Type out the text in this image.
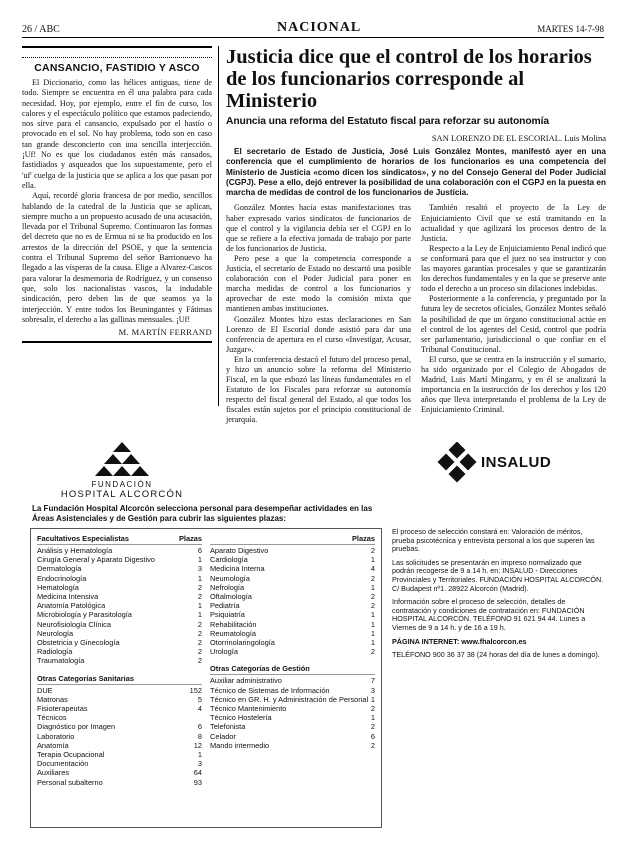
26 / ABC	NACIONAL	MARTES 14-7-98
CANSANCIO, FASTIDIO Y ASCO

El Diccionario, como las hélices antiguas, tiene de todo. Siempre se encuentra en él una palabra para cada necesidad. Hoy, por ejemplo, entre el fin de curso, los calores y el espectáculo político que estamos padeciendo, nos sirve para el cansancio, expulsado por el hastío o provocado en el sol. No hay problema, todo son en caso tan grande desconcierto con una sencilla interjección. ¡Uf! No es que los ciudadanos estén más cansados, fastidiados y asqueados que los supuestamente, pero el 'uf' cuelga de la justicia que se aplica a los que pasan por ella.

Aquí, recordé gloria francesa de por medio, sencillos hablando de la catedral de la Justicia que se aplican, siempre mucho a un propuesto acusado de una acusación, llevada por el Tribunal Supremo. Continuaron las formas del decreto que no es de Ermua ni se ha producido en los arrestos de la dirección del PSOE, y que la sentencia contra el Tribunal Supremo del señor Barrionuevo ha llegado a las vísperas de la causa. Elige a Alvarez-Cascos para valorar la desmemoria de Rodríguez, y un consenso que, solo los nacionalistas vascos, la indudable sindicación, pero deben las de que seamos ya la interjección. Y entre todos los Beuningantes y Fátimas sobresalir, el derecho a las gallinas mensuales. ¡Uf!

M. MARTÍN FERRAND
Justicia dice que el control de los horarios de los funcionarios corresponde al Ministerio
Anuncia una reforma del Estatuto fiscal para reforzar su autonomía
SAN LORENZO DE EL ESCORIAL. Luis Molina
El secretario de Estado de Justicia, José Luis González Montes, manifestó ayer en una conferencia que el cumplimiento de horarios de los funcionarios es una competencia del Ministerio de Justicia «como dicen los sindicatos», y no del Consejo General del Poder Judicial (CGPJ). Pese a ello, dejó entrever la posibilidad de una colaboración con el CGPJ en la puesta en marcha de medidas de control de los funcionarios de Justicia.

González Montes hacía estas manifestaciones tras haber expresado varios sindicatos de funcionarios de que el control y la vigilancia debía ser el CGPJ en lo que se refiere a la efectiva jornada de trabajo por parte de los funcionarios de Justicia.

Pero pese a que la competencia corresponde a Justicia, el secretario de Estado no descartó una posible colaboración con el Poder Judicial para poner en marcha medidas de control a los funcionarios y aprovechar de este modo la comisión mixta que mantienen ambas instituciones.

González Montes hizo estas declaraciones en San Lorenzo de El Escorial donde asistió para dar una conferencia de apertura en el curso «Investigar, Acusar, Juzgar».

En la conferencia destacó el futuro del proceso penal, y hizo un anuncio sobre la reforma del Ministerio Fiscal, en la que esbozó las líneas fundamentales en el Estatuto de los Fiscales para reforzar su autonomía respecto del fiscal general del Estado, al que todos los fiscales están sujetos por el principio constitucional de jerarquía.

También resaltó el proyecto de la Ley de Enjuiciamiento Civil que se está tramitando en la actualidad y que agilizará los procesos dentro de la Justicia.

Respecto a la Ley de Enjuiciamiento Penal indicó que se conformará para que el juez no sea instructor y con las mayores garantías procesales y que se garantizarán los derechos fundamentales y en la que se preserve ante todo el derecho a un proceso sin dilaciones indebidas.

Posteriormente a la conferencia, y preguntado por la futura ley de secretos oficiales, González Montes señaló la posibilidad de que un órgano constitucional actúe en el control de los agentes del Cesid, control que podría ser parlamentario, jurisdiccional o que confiar en el Tribunal Constitucional.

El curso, que se centra en la instrucción y el sumario, ha sido organizado por el Colegio de Abogados de Madrid, Luis Martí Mingarro, y en él se analizará la importancia en la instrucción de los derechos y los 120 años que lleva interpretando el problema de la Ley de Enjuiciamiento Criminal.

FUNDACIÓN
HOSPITAL ALCORCÓN
INSALUD
La Fundación Hospital Alcorcón selecciona personal para desempeñar actividades en las Áreas Asistenciales y de Gestión para cubrir las siguientes plazas:
Facultativos Especialistas	Plazas
Análisis y Hematología	6
Cirugía General y Aparato Digestivo	1
Dermatología	3
Endocrinología	1
Hematología	2
Medicina Intensiva	2
Anatomía Patológica	1
Microbiología y Parasitología	1
Neurofisiología Clínica	2
Neurología	2
Obstetricia y Ginecología	2
Radiología	2
Traumatología	2
Otras Categorías Sanitarias
DUE	152
Matronas	5
Fisioterapeutas	4
Técnicos
Diagnóstico por Imagen	6
Laboratorio	8
Anatomía	12
Terapia Ocupacional	1
Documentación	3
Auxiliares	64
Personal subalterno	93
Plazas
Aparato Digestivo	2
Cardiología	1
Medicina Interna	4
Neumología	2
Nefrología	1
Oftalmología	2
Pediatría	2
Psiquiatría	1
Rehabilitación	1
Reumatología	1
Otorrinolaringología	1
Urología	2
Otras Categorías de Gestión
Auxiliar administrativo	7
Técnico de Sistemas de Información	3
Técnico en GR. H. y Administración de Personal 1
Técnico Mantenimiento	2
Técnico Hostelería	1
Telefonista	2
Celador	6
Mando intermedio	2
El proceso de selección constará en: Valoración de méritos, prueba psicotécnica y entrevista personal a los que superen las pruebas.
Las solicitudes se presentarán en impreso normalizado que podrán recogerse de 9 a 14 h. en: INSALUD - Direcciones Provinciales y Territoriales. FUNDACIÓN HOSPITAL ALCORCÓN. C/ Budapest nº1. 28922 Alcorcón (Madrid).
Información sobre el proceso de selección, detalles de contratación y condiciones de contratación en: FUNDACIÓN HOSPITAL ALCORCÓN. TELÉFONO 91 621 94 44. Lunes a Viernes de 9 a 14 h. y de 16 a 19 h.
PÁGINA INTERNET: www.fhalcorcon.es
TELÉFONO 900 36 37 38 (24 horas del día de lunes a domingo).
